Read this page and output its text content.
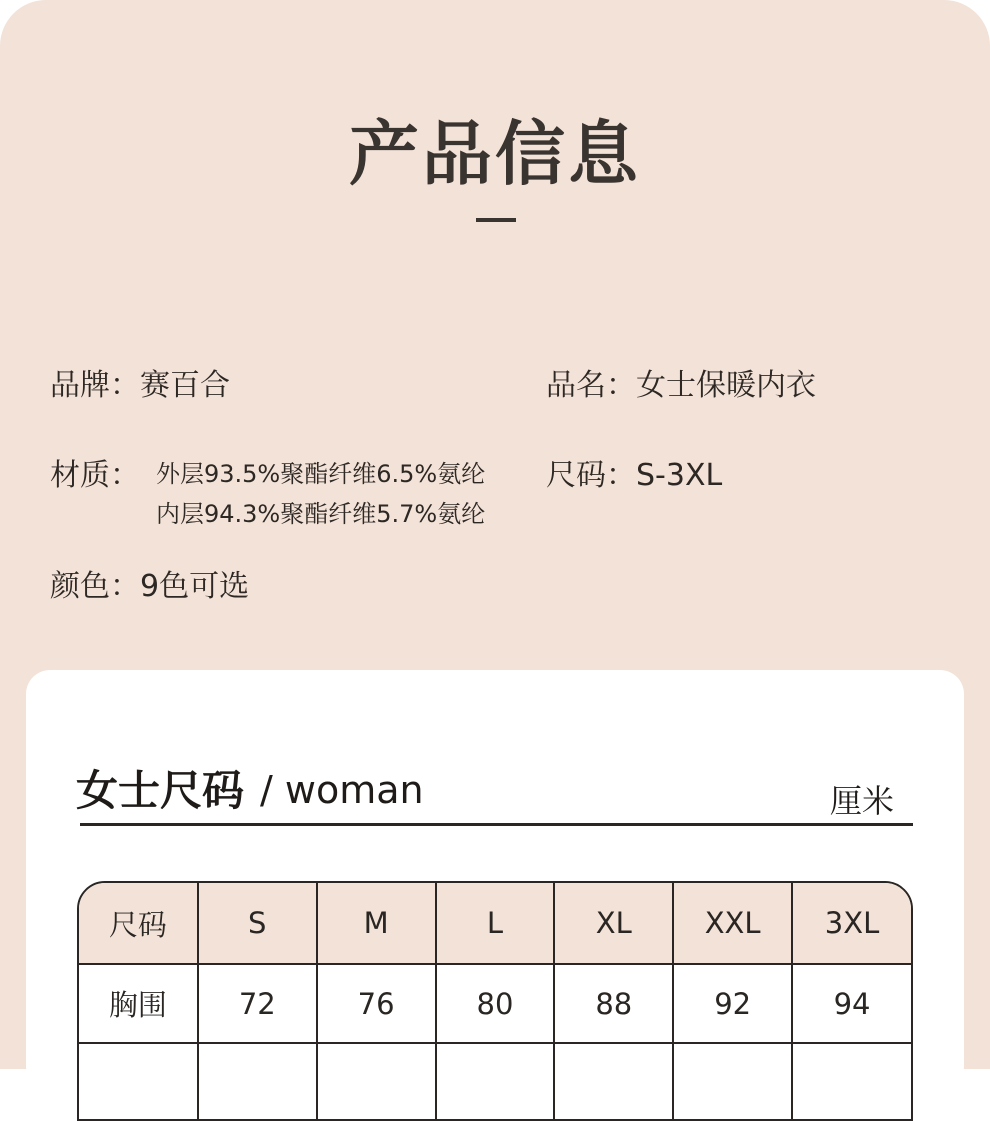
产品信息
品牌：赛百合	品名：女士保暖内衣
材质： 外层93.5%聚酯纤维6.5%氨纶
内层94.3%聚酯纤维5.7%氨纶
尺码：S-3XL
颜色：9色可选
女士尺码 / woman	厘米
尺码	S	M	L	XL	XXL	3XL
胸围	72	76	80	88	92	94
